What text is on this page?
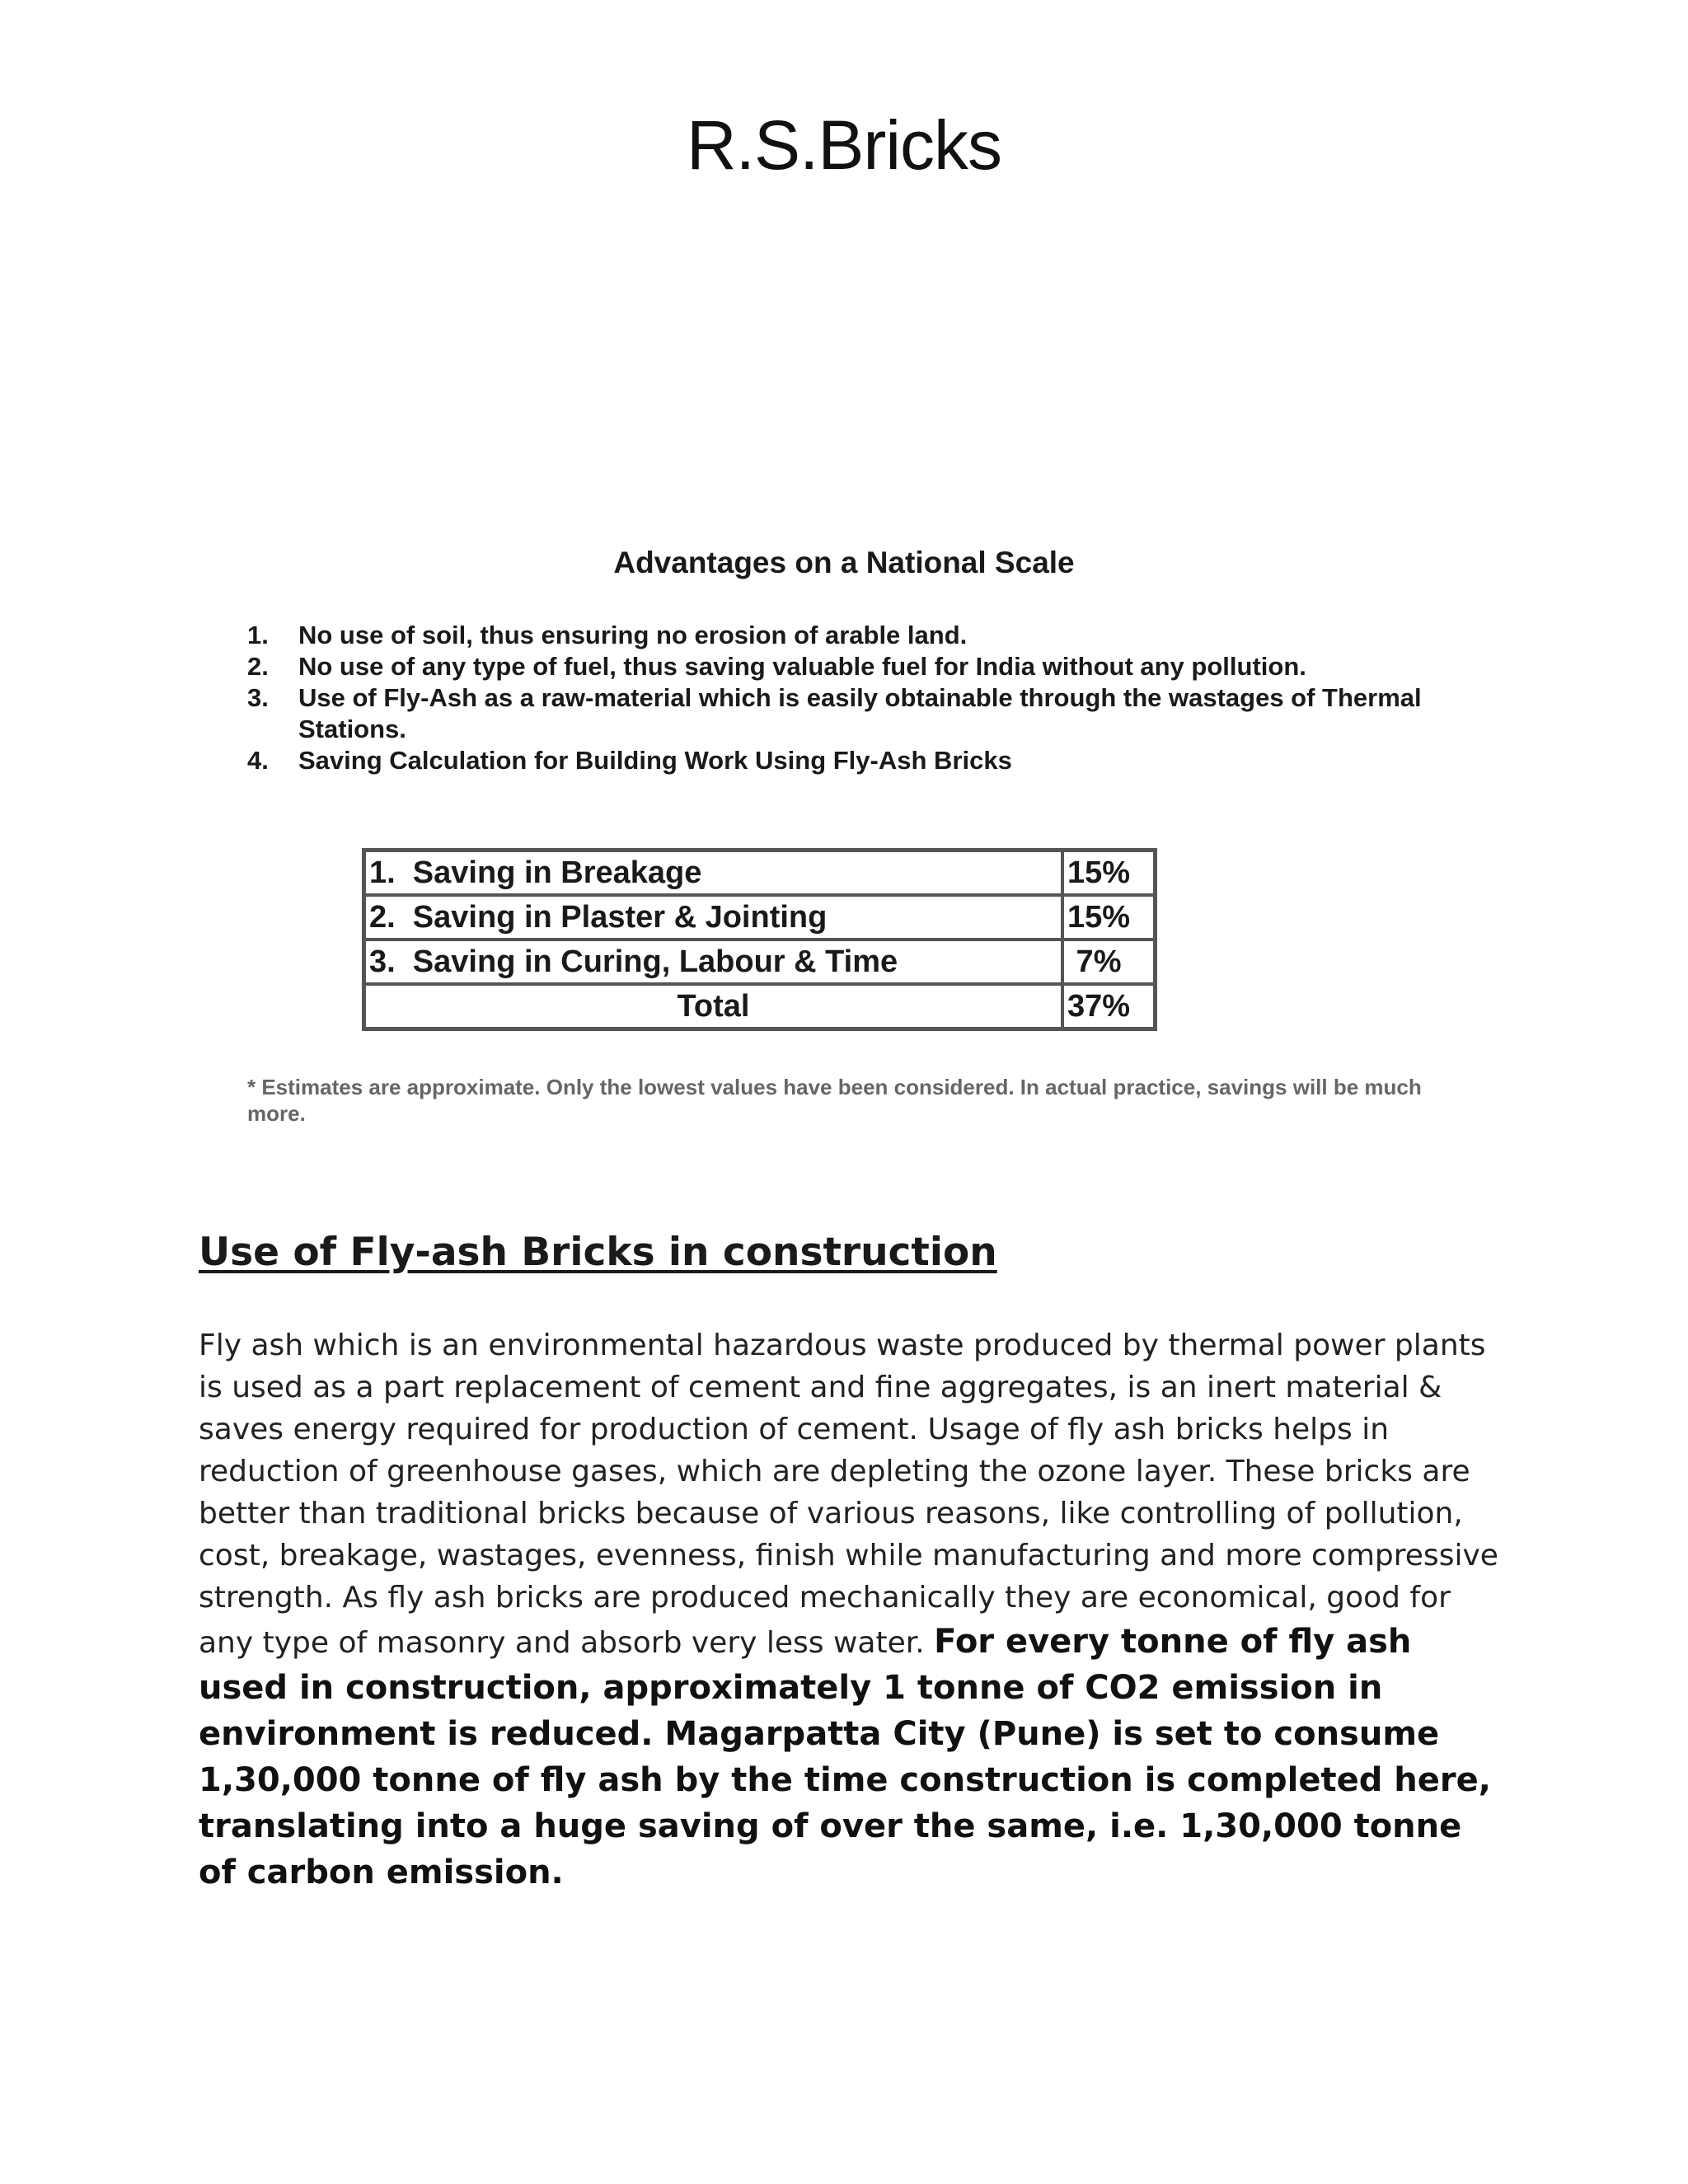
R.S.Bricks
Advantages on a National Scale
1.	No use of soil, thus ensuring no erosion of arable land.
2.	No use of any type of fuel, thus saving valuable fuel for India without any pollution.
3.	Use of Fly-Ash as a raw-material which is easily obtainable through the wastages of Thermal Stations.
4.	Saving Calculation for Building Work Using Fly-Ash Bricks
1.  Saving in Breakage	15%
2.  Saving in Plaster & Jointing	15%
3.  Saving in Curing, Labour & Time	7%
Total	37%

* Estimates are approximate. Only the lowest values have been considered. In actual practice, savings will be much more.

Use of Fly-ash Bricks in construction

Fly ash which is an environmental hazardous waste produced by thermal power plants is used as a part replacement of cement and fine aggregates, is an inert material & saves energy required for production of cement. Usage of fly ash bricks helps in reduction of greenhouse gases, which are depleting the ozone layer. These bricks are better than traditional bricks because of various reasons, like controlling of pollution, cost, breakage, wastages, evenness, finish while manufacturing and more compressive strength. As fly ash bricks are produced mechanically they are economical, good for any type of masonry and absorb very less water. For every tonne of fly ash used in construction, approximately 1 tonne of CO2 emission in environment is reduced. Magarpatta City (Pune) is set to consume 1,30,000 tonne of fly ash by the time construction is completed here, translating into a huge saving of over the same, i.e. 1,30,000 tonne of carbon emission.
